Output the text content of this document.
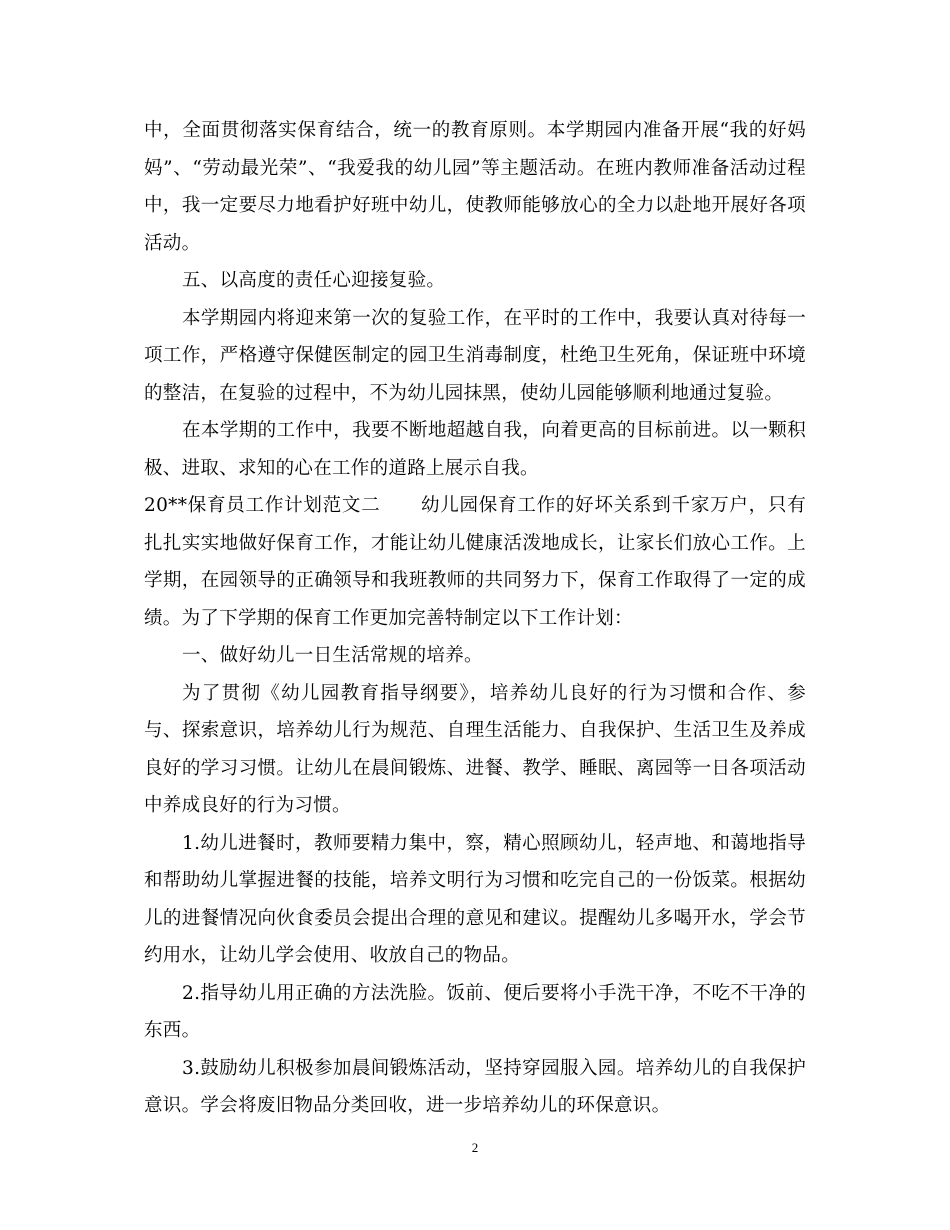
中，全面贯彻落实保育结合，统一的教育原则。本学期园内准备开展“我的好妈妈”、“劳动最光荣”、“我爱我的幼儿园”等主题活动。在班内教师准备活动过程中，我一定要尽力地看护好班中幼儿，使教师能够放心的全力以赴地开展好各项活动。

五、以高度的责任心迎接复验。

本学期园内将迎来第一次的复验工作，在平时的工作中，我要认真对待每一项工作，严格遵守保健医制定的园卫生消毒制度，杜绝卫生死角，保证班中环境的整洁，在复验的过程中，不为幼儿园抹黑，使幼儿园能够顺利地通过复验。

在本学期的工作中，我要不断地超越自我，向着更高的目标前进。以一颗积极、进取、求知的心在工作的道路上展示自我。

20**保育员工作计划范文二 幼儿园保育工作的好坏关系到千家万户，只有扎扎实实地做好保育工作，才能让幼儿健康活泼地成长，让家长们放心工作。上学期，在园领导的正确领导和我班教师的共同努力下，保育工作取得了一定的成绩。为了下学期的保育工作更加完善特制定以下工作计划：

一、做好幼儿一日生活常规的培养。

为了贯彻《幼儿园教育指导纲要》，培养幼儿良好的行为习惯和合作、参与、探索意识，培养幼儿行为规范、自理生活能力、自我保护、生活卫生及养成良好的学习习惯。让幼儿在晨间锻炼、进餐、教学、睡眠、离园等一日各项活动中养成良好的行为习惯。

1.幼儿进餐时，教师要精力集中，察，精心照顾幼儿，轻声地、和蔼地指导和帮助幼儿掌握进餐的技能，培养文明行为习惯和吃完自己的一份饭菜。根据幼儿的进餐情况向伙食委员会提出合理的意见和建议。提醒幼儿多喝开水，学会节约用水，让幼儿学会使用、收放自己的物品。

2.指导幼儿用正确的方法洗脸。饭前、便后要将小手洗干净，不吃不干净的东西。

3.鼓励幼儿积极参加晨间锻炼活动，坚持穿园服入园。培养幼儿的自我保护意识。学会将废旧物品分类回收，进一步培养幼儿的环保意识。

2
